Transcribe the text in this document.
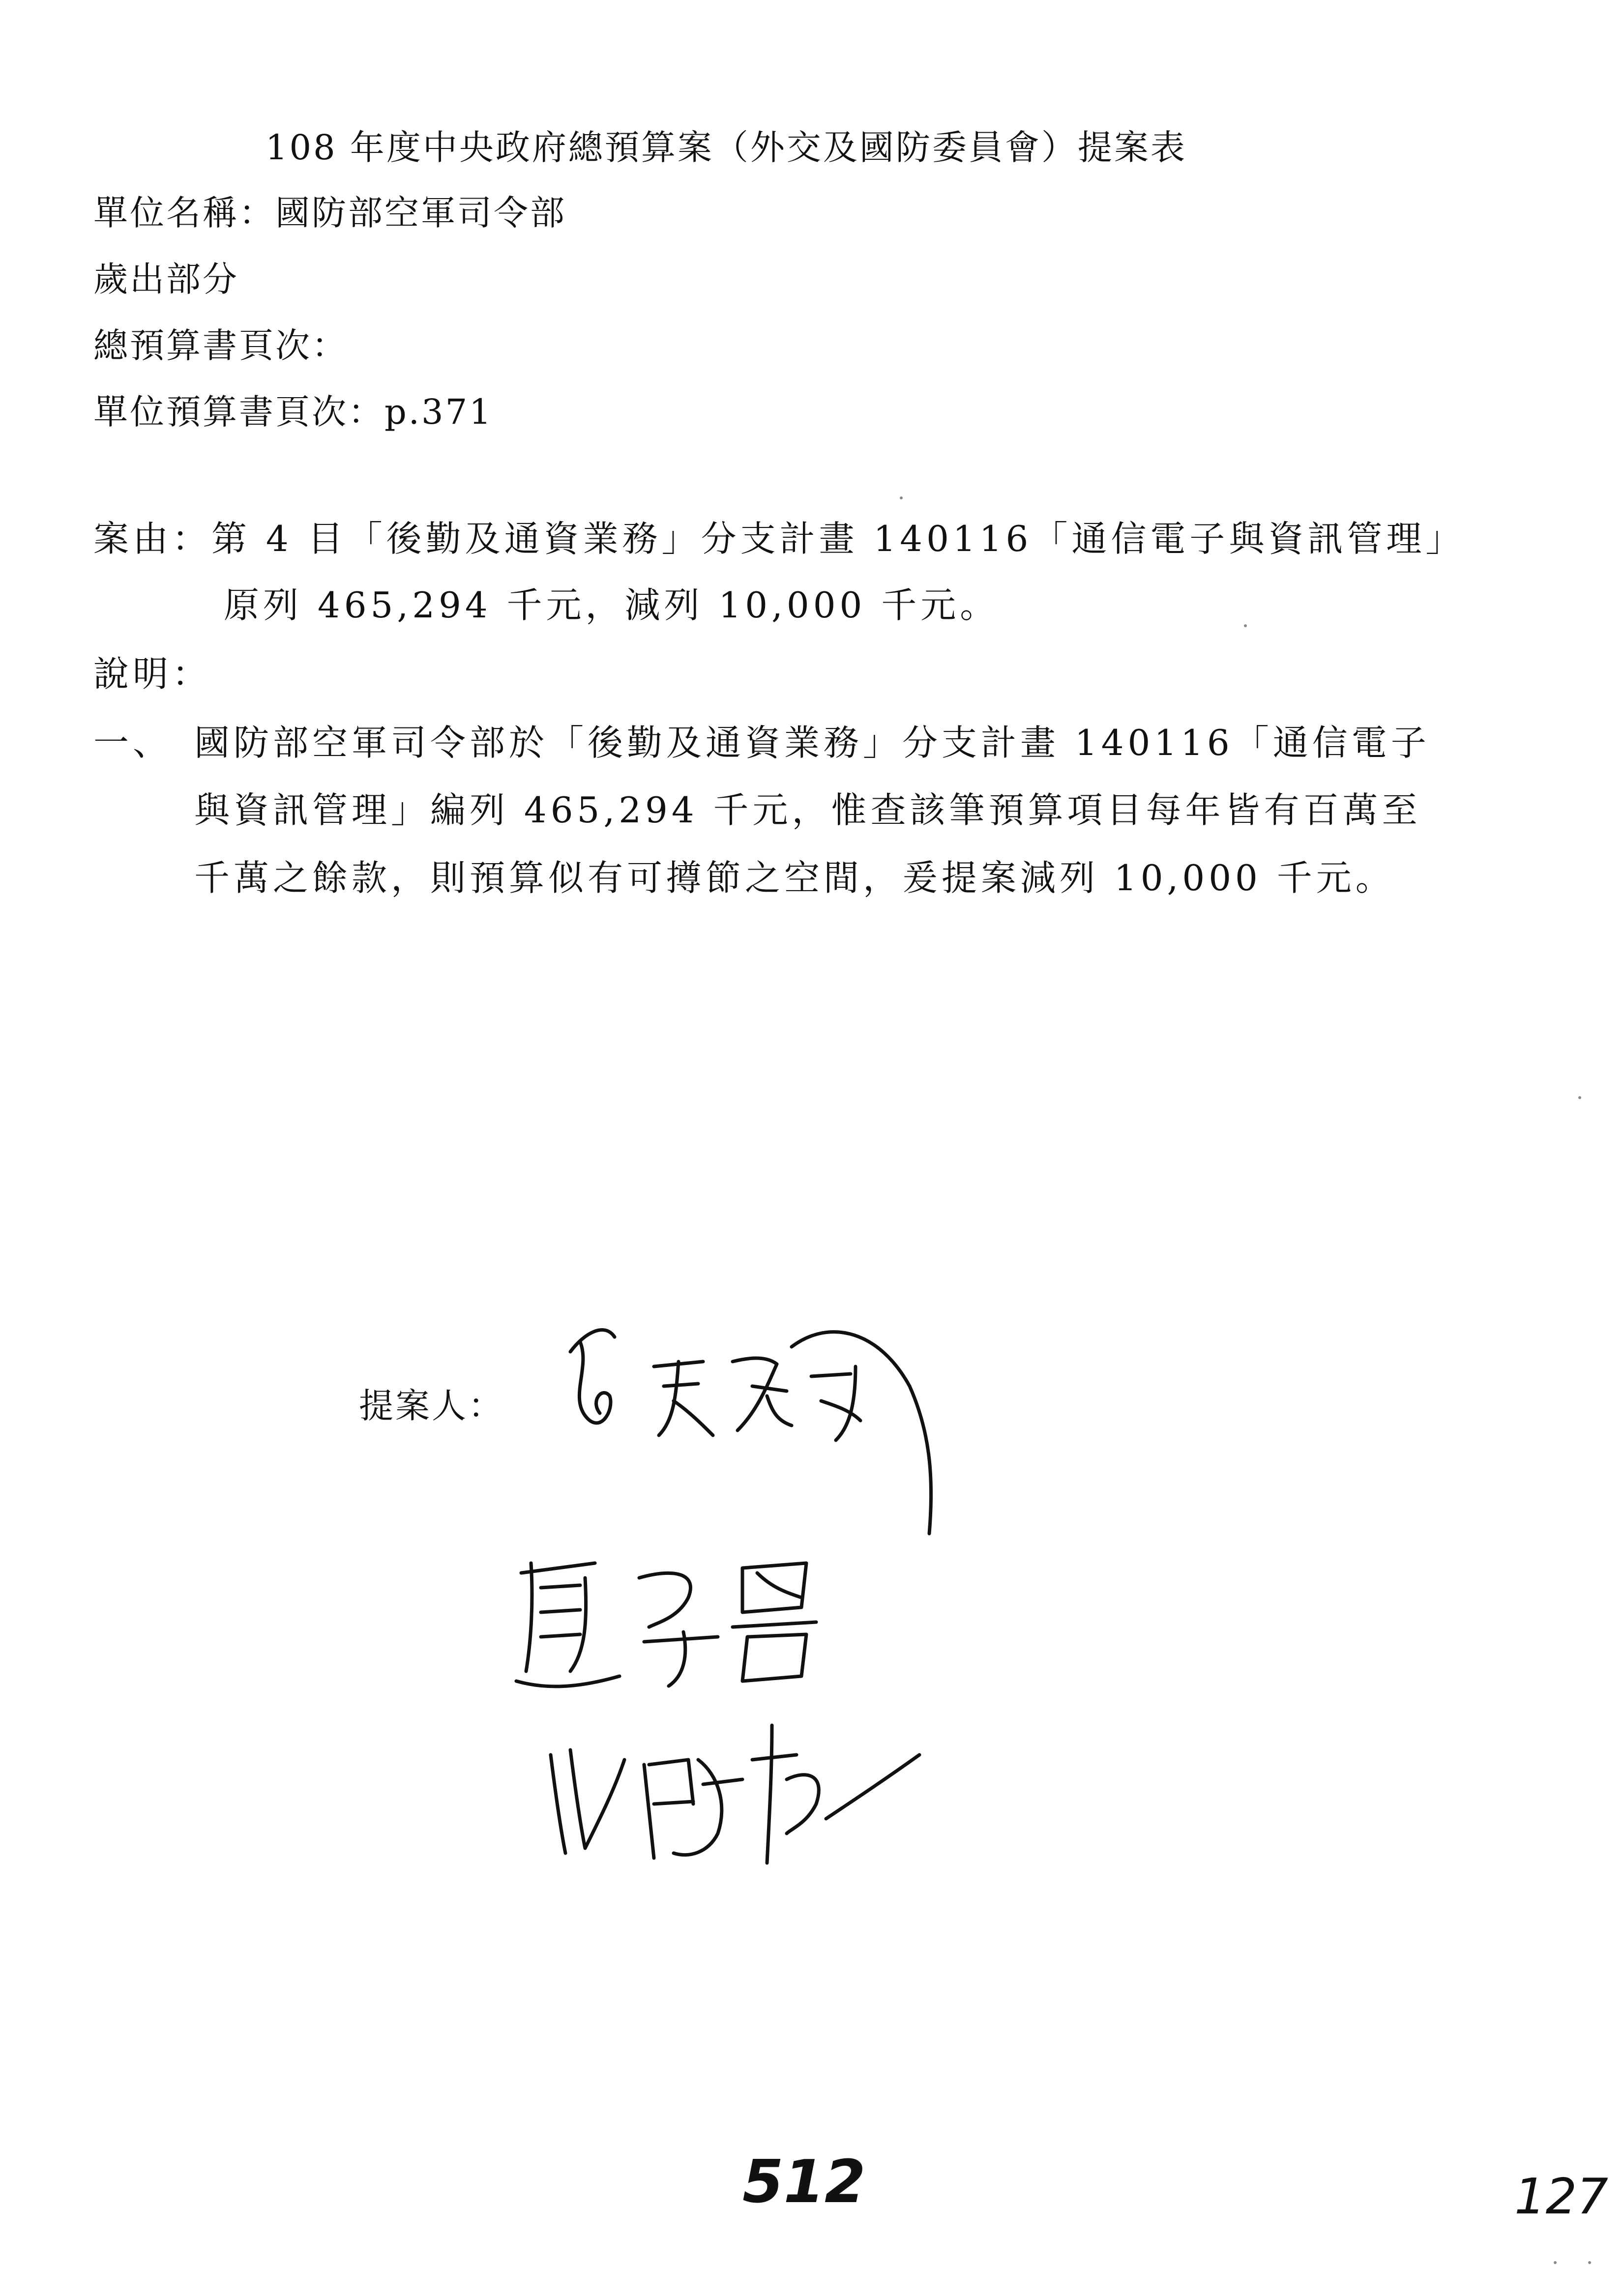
108 年度中央政府總預算案（外交及國防委員會）提案表
單位名稱：國防部空軍司令部
歲出部分
總預算書頁次：
單位預算書頁次：p.371
案由：第 4 目「後勤及通資業務」分支計畫 140116「通信電子與資訊管理」
原列 465,294 千元，減列 10,000 千元。
說明：
一、 國防部空軍司令部於「後勤及通資業務」分支計畫 140116「通信電子
與資訊管理」編列 465,294 千元，惟查該筆預算項目每年皆有百萬至
千萬之餘款，則預算似有可撙節之空間，爰提案減列 10,000 千元。
提案人：
512	127
